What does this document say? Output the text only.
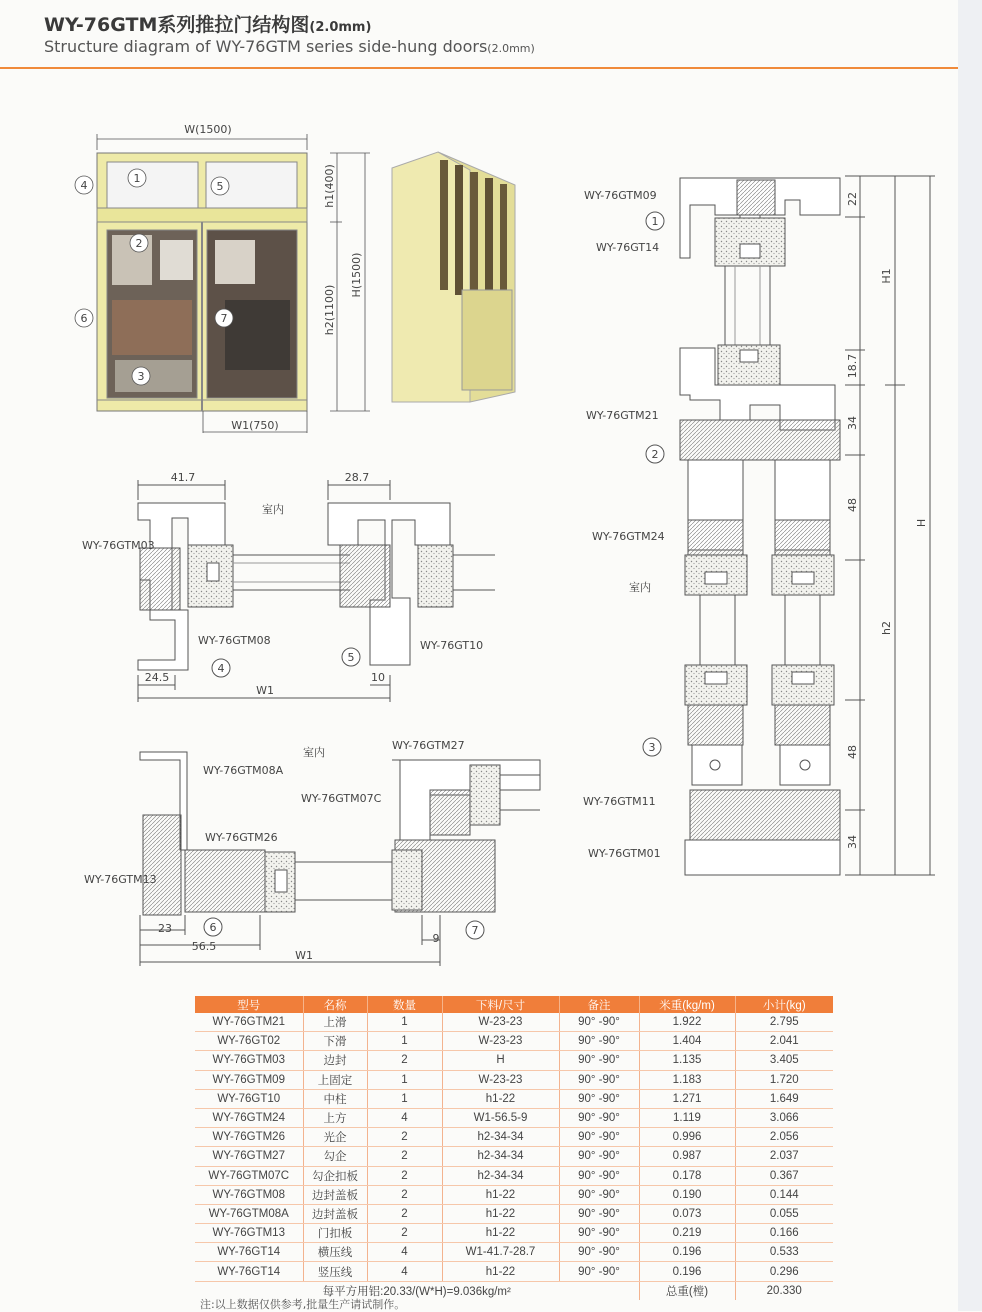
WY-76GTM系列推拉门结构图(2.0mm)
Structure diagram of WY-76GTM series side-hung doors(2.0mm)
W(1500)
W1(750)
h1(400)
h2(1100)
H(1500)
1
2
3
4	5
6	7
41.7	28.7
室内
WY-76GTM03
WY-76GTM08	WY-76GT10
24.5	10
W1
4
5
WY-76GTM08A
室内
WY-76GTM27
WY-76GTM07C
WY-76GTM26
WY-76GTM13
23
56.5
9
W1
6	7
WY-76GTM09
WY-76GT14
WY-76GTM21
WY-76GTM24
WY-76GTM11
WY-76GTM01
室内
22
18.7
34
48
48
34
H1
H
h2
1
2
3
型号	名称	数量	下料/尺寸	备注	米重(kg/m)	小计(kg)
WY-76GTM21	上滑	1	W-23-23	90° -90°	1.922	2.795
WY-76GT02	下滑	1	W-23-23	90° -90°	1.404	2.041
WY-76GTM03	边封	2	H	90° -90°	1.135	3.405
WY-76GTM09	上固定	1	W-23-23	90° -90°	1.183	1.720
WY-76GT10	中柱	1	h1-22	90° -90°	1.271	1.649
WY-76GTM24	上方	4	W1-56.5-9	90° -90°	1.119	3.066
WY-76GTM26	光企	2	h2-34-34	90° -90°	0.996	2.056
WY-76GTM27	勾企	2	h2-34-34	90° -90°	0.987	2.037
WY-76GTM07C	勾企扣板	2	h2-34-34	90° -90°	0.178	0.367
WY-76GTM08	边封盖板	2	h1-22	90° -90°	0.190	0.144
WY-76GTM08A	边封盖板	2	h1-22	90° -90°	0.073	0.055
WY-76GTM13	门扣板	2	h1-22	90° -90°	0.219	0.166
WY-76GT14	横压线	4	W1-41.7-28.7	90° -90°	0.196	0.533
WY-76GT14	竖压线	4	h1-22	90° -90°	0.196	0.296
每平方用铝:20.33/(W*H)=9.036kg/m²					总重(樘)	20.330
注:以上数据仅供参考,批量生产请试制作。
